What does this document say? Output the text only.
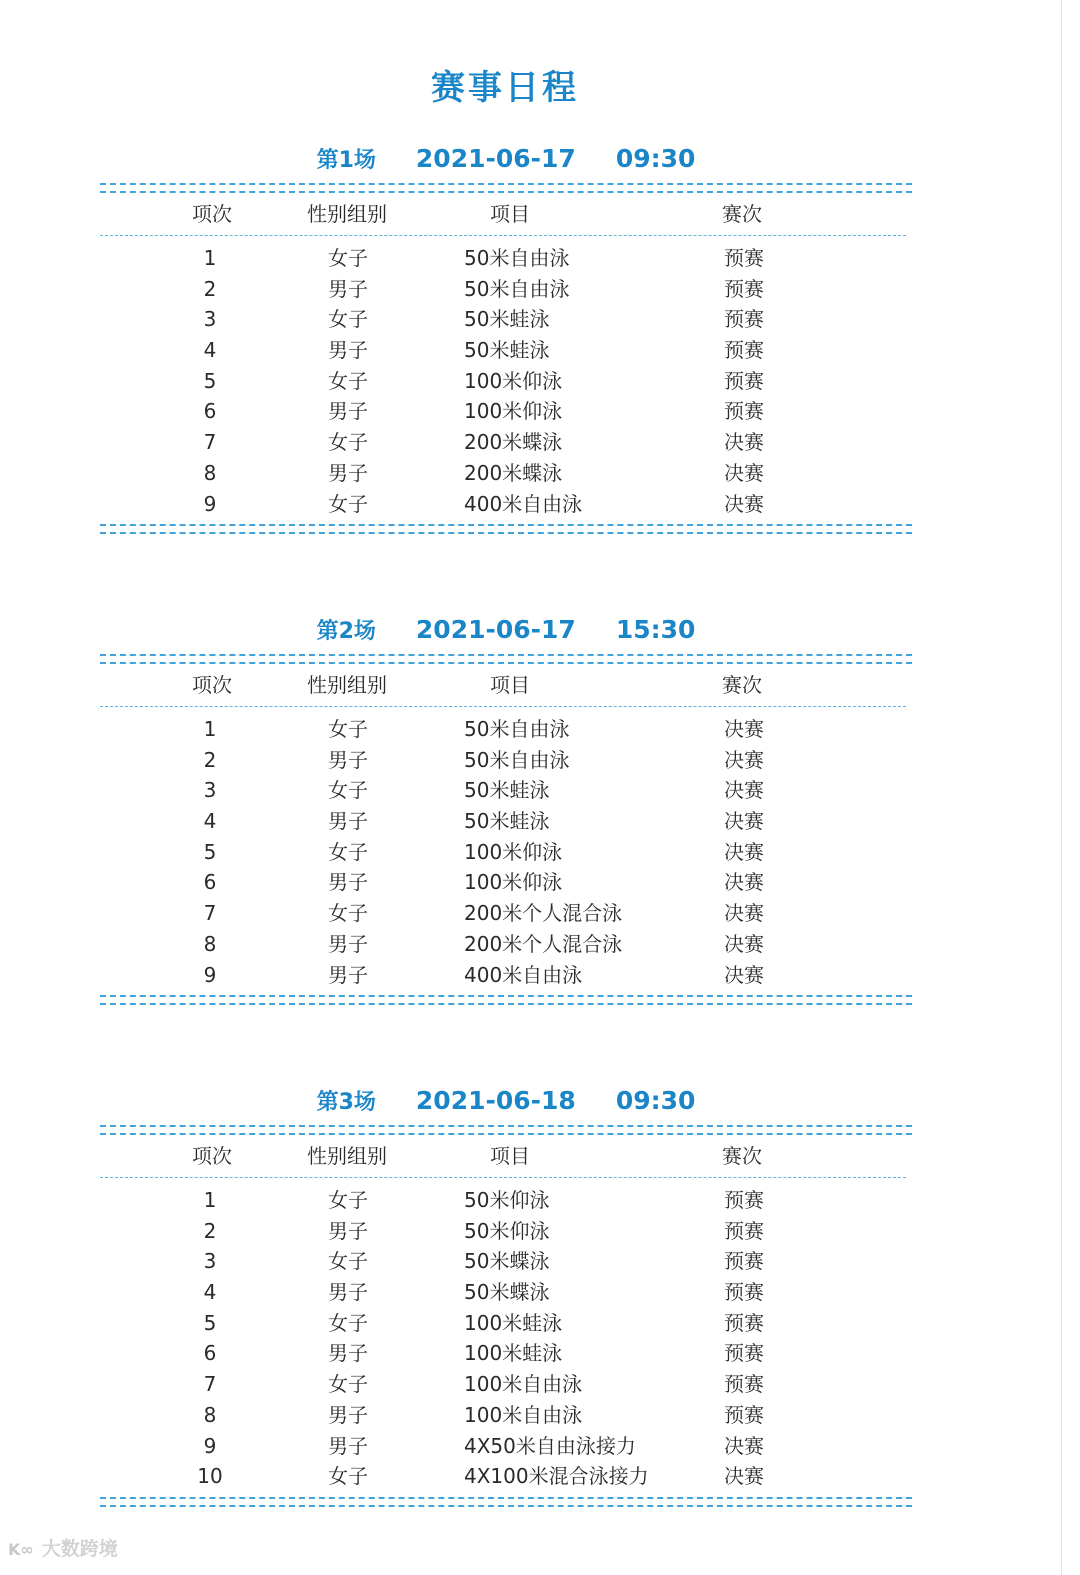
赛事日程
第1场 2021-06-17 09:30
项次	性别组别	项目	赛次
1	女子	50米自由泳	预赛
2	男子	50米自由泳	预赛
3	女子	50米蛙泳	预赛
4	男子	50米蛙泳	预赛
5	女子	100米仰泳	预赛
6	男子	100米仰泳	预赛
7	女子	200米蝶泳	决赛
8	男子	200米蝶泳	决赛
9	女子	400米自由泳	决赛
第2场 2021-06-17 15:30
项次	性别组别	项目	赛次
1	女子	50米自由泳	决赛
2	男子	50米自由泳	决赛
3	女子	50米蛙泳	决赛
4	男子	50米蛙泳	决赛
5	女子	100米仰泳	决赛
6	男子	100米仰泳	决赛
7	女子	200米个人混合泳	决赛
8	男子	200米个人混合泳	决赛
9	男子	400米自由泳	决赛
第3场 2021-06-18 09:30
项次	性别组别	项目	赛次
1	女子	50米仰泳	预赛
2	男子	50米仰泳	预赛
3	女子	50米蝶泳	预赛
4	男子	50米蝶泳	预赛
5	女子	100米蛙泳	预赛
6	男子	100米蛙泳	预赛
7	女子	100米自由泳	预赛
8	男子	100米自由泳	预赛
9	男子	4X50米自由泳接力	决赛
10	女子	4X100米混合泳接力	决赛
K∞ 大数跨境
